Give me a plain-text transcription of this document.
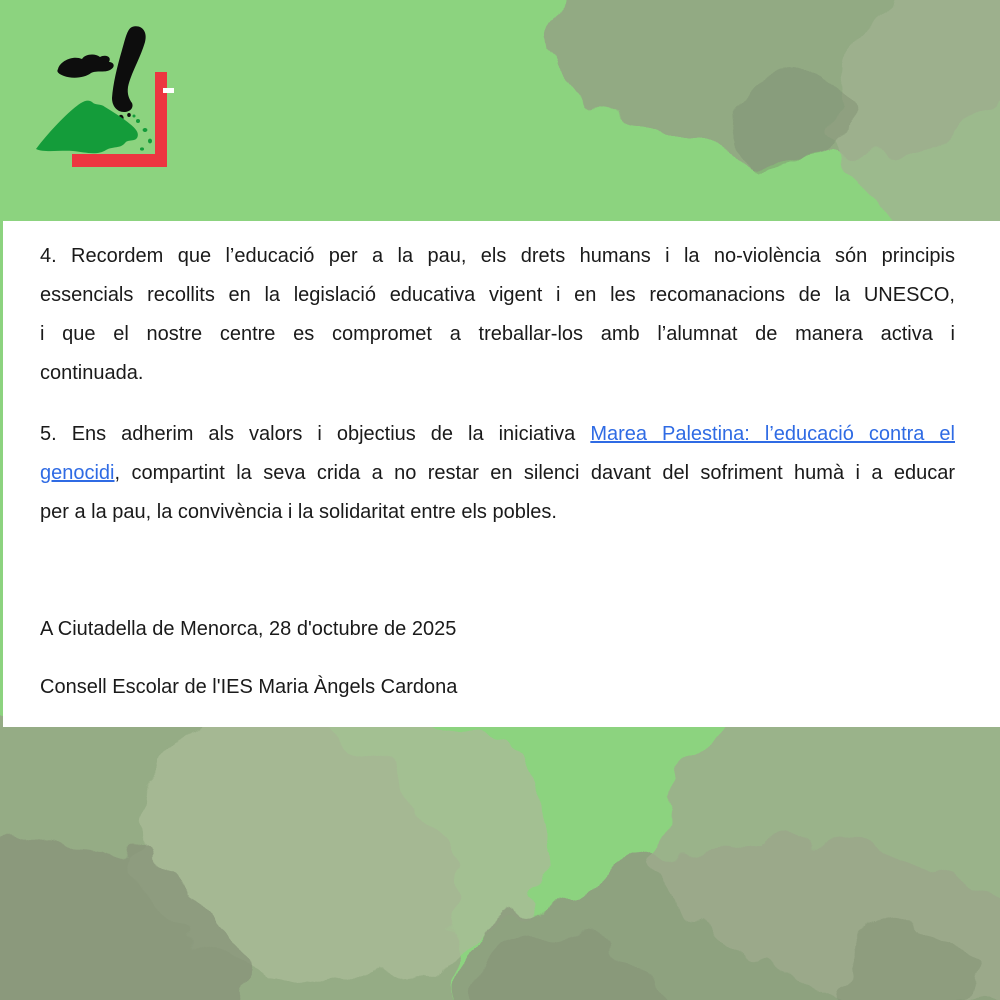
4. Recordem que l’educació per a la pau, els drets humans i la no-violència són principis
essencials recollits en la legislació educativa vigent i en les recomanacions de la UNESCO,
i que el nostre centre es compromet a treballar-los amb l’alumnat de manera activa i
continuada.
5. Ens adherim als valors i objectius de la iniciativa Marea Palestina: l’educació contra el
genocidi, compartint la seva crida a no restar en silenci davant del sofriment humà i a educar
per a la pau, la convivència i la solidaritat entre els pobles.
A Ciutadella de Menorca, 28 d'octubre de 2025
Consell Escolar de l'IES Maria Àngels Cardona
